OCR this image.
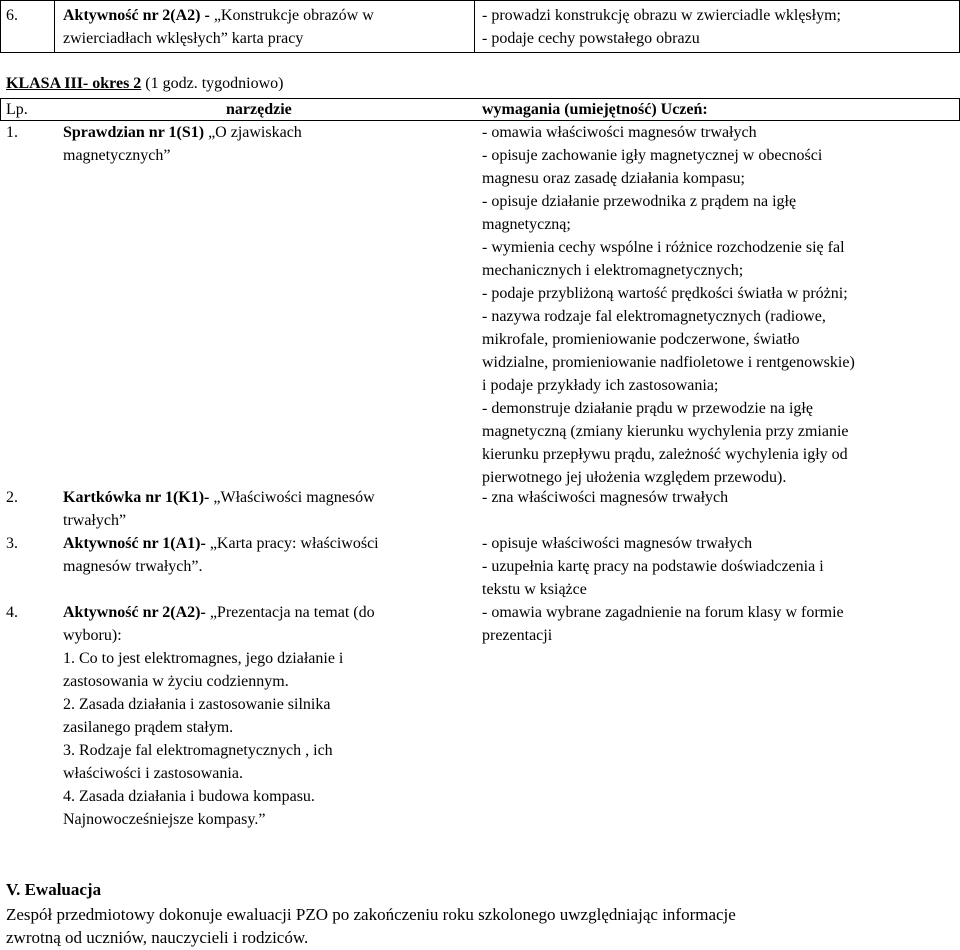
6.	Aktywność nr 2(A2) - „Konstrukcje obrazów w
zwierciadłach wklęsłych” karta pracy
- prowadzi konstrukcję obrazu w zwierciadle wklęsłym;
- podaje cechy powstałego obrazu
KLASA III- okres 2 (1 godz. tygodniowo)
Lp.	narzędzie	wymagania (umiejętność) Uczeń:
1.	Sprawdzian nr 1(S1) „O zjawiskach
magnetycznych”
- omawia właściwości magnesów trwałych
- opisuje zachowanie igły magnetycznej w obecności
magnesu oraz zasadę działania kompasu;
- opisuje działanie przewodnika z prądem na igłę
magnetyczną;
- wymienia cechy wspólne i różnice rozchodzenie się fal
mechanicznych i elektromagnetycznych;
- podaje przybliżoną wartość prędkości światła w próżni;
- nazywa rodzaje fal elektromagnetycznych (radiowe,
mikrofale, promieniowanie podczerwone, światło
widzialne, promieniowanie nadfioletowe i rentgenowskie)
i podaje przykłady ich zastosowania;
- demonstruje działanie prądu w przewodzie na igłę
magnetyczną (zmiany kierunku wychylenia przy zmianie
kierunku przepływu prądu, zależność wychylenia igły od
pierwotnego jej ułożenia względem przewodu).
2.	Kartkówka nr 1(K1)- „Właściwości magnesów
trwałych”
- zna właściwości magnesów trwałych
3.	Aktywność nr 1(A1)- „Karta pracy: właściwości
magnesów trwałych”.
- opisuje właściwości magnesów trwałych
- uzupełnia kartę pracy na podstawie doświadczenia i
tekstu w książce
4.	Aktywność nr 2(A2)- „Prezentacja na temat (do
wyboru):
1. Co to jest elektromagnes, jego działanie i
zastosowania w życiu codziennym.
2. Zasada działania i zastosowanie silnika
zasilanego prądem stałym.
3. Rodzaje fal elektromagnetycznych , ich
właściwości i zastosowania.
4. Zasada działania i budowa kompasu.
Najnowocześniejsze kompasy.”
- omawia wybrane zagadnienie na forum klasy w formie
prezentacji
V. Ewaluacja
Zespół przedmiotowy dokonuje ewaluacji PZO po zakończeniu roku szkolonego uwzględniając informacje
zwrotną od uczniów, nauczycieli i rodziców.
